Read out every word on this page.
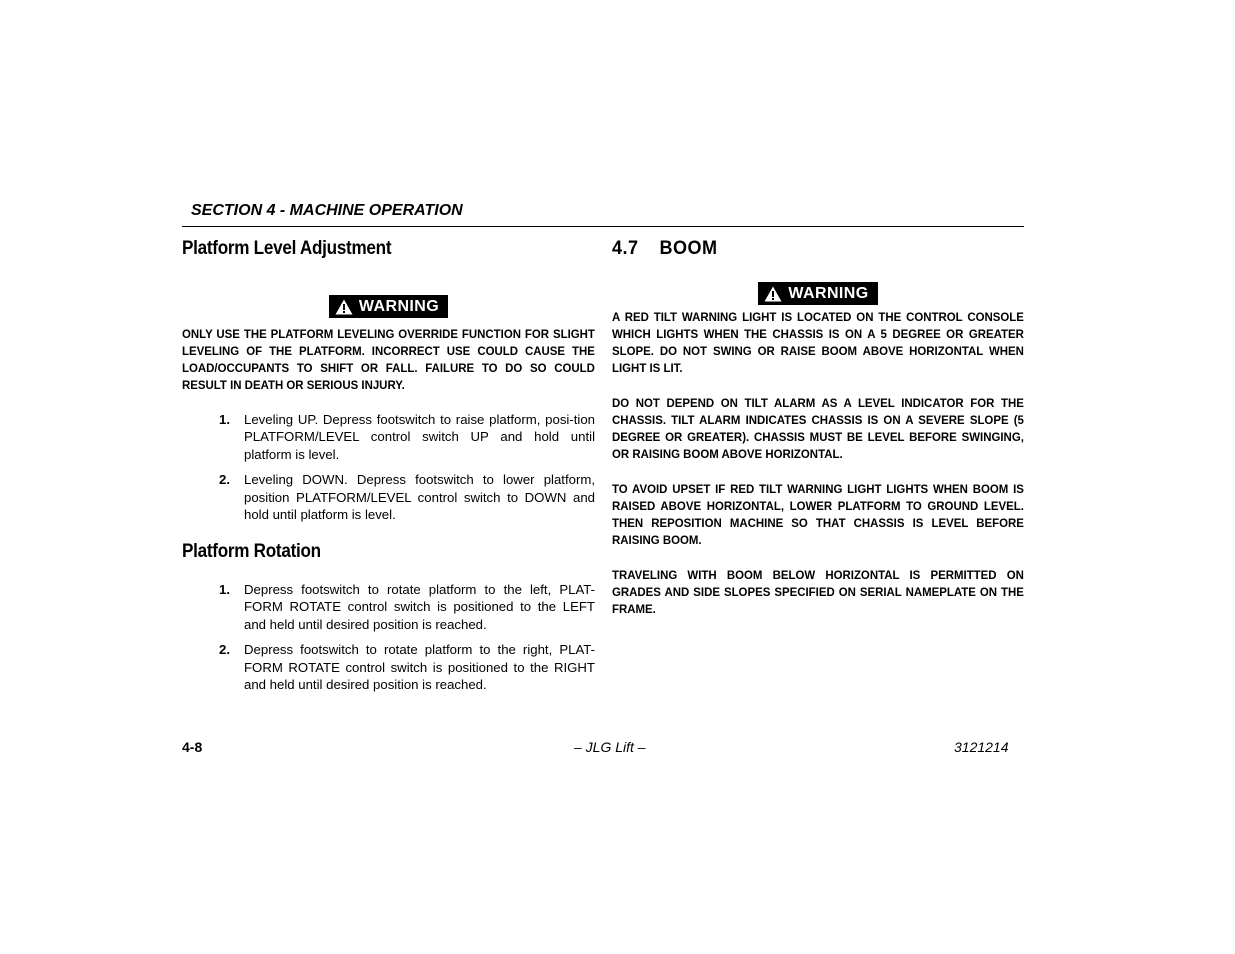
SECTION 4 - MACHINE OPERATION
Platform Level Adjustment
WARNING

ONLY USE THE PLATFORM LEVELING OVERRIDE FUNCTION FOR SLIGHT LEVELING OF THE PLATFORM. INCORRECT USE COULD CAUSE THE LOAD/OCCUPANTS TO SHIFT OR FALL. FAILURE TO DO SO COULD RESULT IN DEATH OR SERIOUS INJURY.

1. Leveling UP. Depress footswitch to raise platform, posi-tion PLATFORM/LEVEL control switch UP and hold until platform is level.
2. Leveling DOWN. Depress footswitch to lower platform, position PLATFORM/LEVEL control switch to DOWN and hold until platform is level.
Platform Rotation
1. Depress footswitch to rotate platform to the left, PLAT-FORM ROTATE control switch is positioned to the LEFT and held until desired position is reached.
2. Depress footswitch to rotate platform to the right, PLAT-FORM ROTATE control switch is positioned to the RIGHT and held until desired position is reached.
4.7 BOOM
WARNING

A RED TILT WARNING LIGHT IS LOCATED ON THE CONTROL CONSOLE WHICH LIGHTS WHEN THE CHASSIS IS ON A 5 DEGREE OR GREATER SLOPE. DO NOT SWING OR RAISE BOOM ABOVE HORIZONTAL WHEN LIGHT IS LIT.

DO NOT DEPEND ON TILT ALARM AS A LEVEL INDICATOR FOR THE CHASSIS. TILT ALARM INDICATES CHASSIS IS ON A SEVERE SLOPE (5 DEGREE OR GREATER). CHASSIS MUST BE LEVEL BEFORE SWINGING, OR RAISING BOOM ABOVE HORIZONTAL.

TO AVOID UPSET IF RED TILT WARNING LIGHT LIGHTS WHEN BOOM IS RAISED ABOVE HORIZONTAL, LOWER PLATFORM TO GROUND LEVEL. THEN REPOSITION MACHINE SO THAT CHASSIS IS LEVEL BEFORE RAISING BOOM.

TRAVELING WITH BOOM BELOW HORIZONTAL IS PERMITTED ON GRADES AND SIDE SLOPES SPECIFIED ON SERIAL NAMEPLATE ON THE FRAME.

4-8	– JLG Lift –	3121214
